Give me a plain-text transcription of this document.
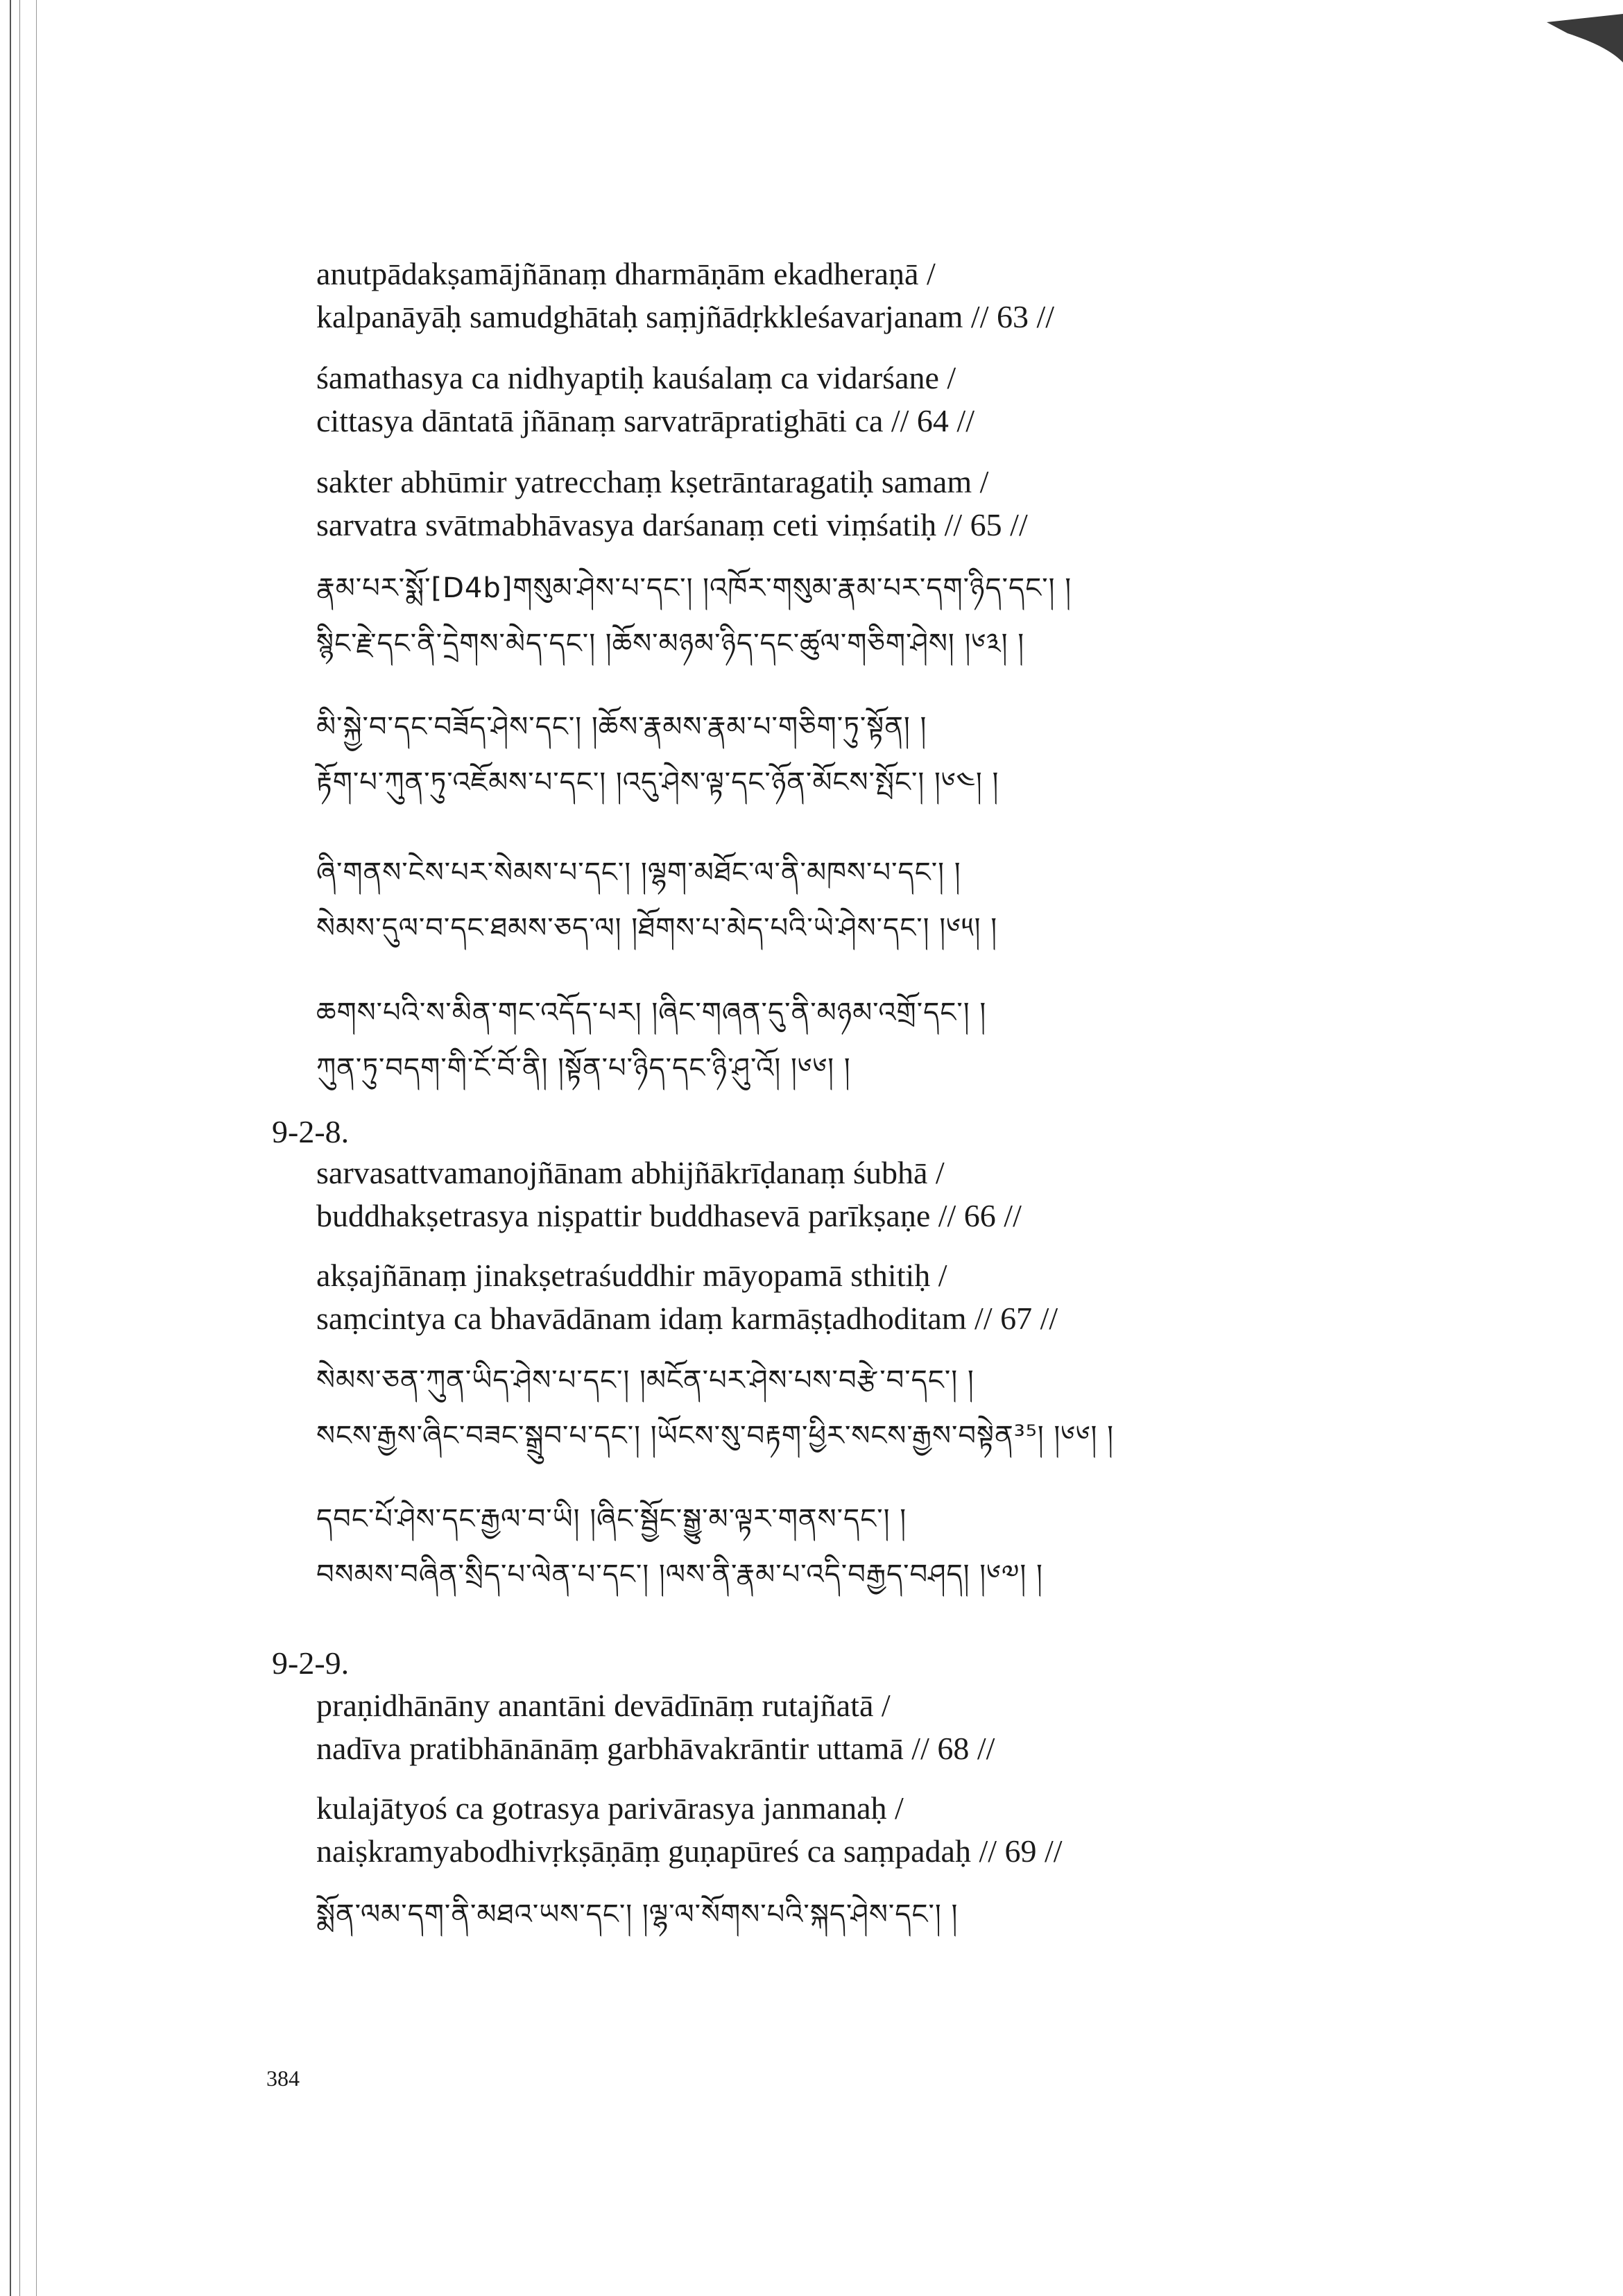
anutpādakṣamājñānaṃ dharmāṇām ekadheraṇā /
kalpanāyāḥ samudghātaḥ saṃjñādṛkkleśavarjanam // 63 //
śamathasya ca nidhyaptiḥ kauśalaṃ ca vidarśane /
cittasya dāntatā jñānaṃ sarvatrāpratighāti ca // 64 //
sakter abhūmir yatrecchaṃ kṣetrāntaragatiḥ samam /
sarvatra svātmabhāvasya darśanaṃ ceti viṃśatiḥ // 65 //
རྣམ་པར་སྨོ་[D4b]གསུམ་ཤེས་པ་དང་། །འཁོར་གསུམ་རྣམ་པར་དག་ཉིད་དང་། །
སྙིང་རྗེ་དང་ནི་དྲེགས་མེད་དང་། །ཆོས་མཉམ་ཉིད་དང་ཚུལ་གཅིག་ཤེས། །༦༣། །
མི་སྐྱེ་བ་དང་བཟོད་ཤེས་དང་། །ཆོས་རྣམས་རྣམ་པ་གཅིག་ཏུ་སྟོན། །
རྟོག་པ་ཀུན་ཏུ་འཇོམས་པ་དང་། །འདུ་ཤེས་ལྟ་དང་ཉོན་མོངས་སྤོང་། །༦༤། །
ཞི་གནས་ངེས་པར་སེམས་པ་དང་། །ལྷག་མཐོང་ལ་ནི་མཁས་པ་དང་། །
སེམས་དུལ་བ་དང་ཐམས་ཅད་ལ། །ཐོགས་པ་མེད་པའི་ཡེ་ཤེས་དང་། །༦༥། །
ཆགས་པའི་ས་མིན་གང་འདོད་པར། །ཞིང་གཞན་དུ་ནི་མཉམ་འགྲོ་དང་། །
ཀུན་ཏུ་བདག་གི་ངོ་བོ་ནི། །སྟོན་པ་ཉིད་དང་ཉི་ཤུ་འོ། །༦༦། །
9-2-8.
sarvasattvamanojñānam abhijñākrīḍanaṃ śubhā /
buddhakṣetrasya niṣpattir buddhasevā parīkṣaṇe // 66 //
akṣajñānaṃ jinakṣetraśuddhir māyopamā sthitiḥ /
saṃcintya ca bhavādānam idaṃ karmāṣṭadhoditam // 67 //
སེམས་ཅན་ཀུན་ཡིད་ཤེས་པ་དང་། །མངོན་པར་ཤེས་པས་བརྩེ་བ་དང་། །
སངས་རྒྱས་ཞིང་བཟང་སྒྲུབ་པ་དང་། །ཡོངས་སུ་བརྟག་ཕྱིར་སངས་རྒྱས་བསྟེན³⁵། །༦༦། །
དབང་པོ་ཤེས་དང་རྒྱལ་བ་ཡི། །ཞིང་སྦྱོང་སྒྱུ་མ་ལྟར་གནས་དང་། །
བསམས་བཞིན་སྲིད་པ་ལེན་པ་དང་། །ལས་ནི་རྣམ་པ་འདི་བརྒྱད་བཤད། །༦༧། །
9-2-9.
praṇidhānāny anantāni devādīnāṃ rutajñatā /
nadīva pratibhānānāṃ garbhāvakrāntir uttamā // 68 //
kulajātyoś ca gotrasya parivārasya janmanaḥ /
naiṣkramyabodhivṛkṣāṇāṃ guṇapūreś ca saṃpadaḥ // 69 //
སྨོན་ལམ་དག་ནི་མཐའ་ཡས་དང་། །ལྷ་ལ་སོགས་པའི་སྐད་ཤེས་དང་། །
384
